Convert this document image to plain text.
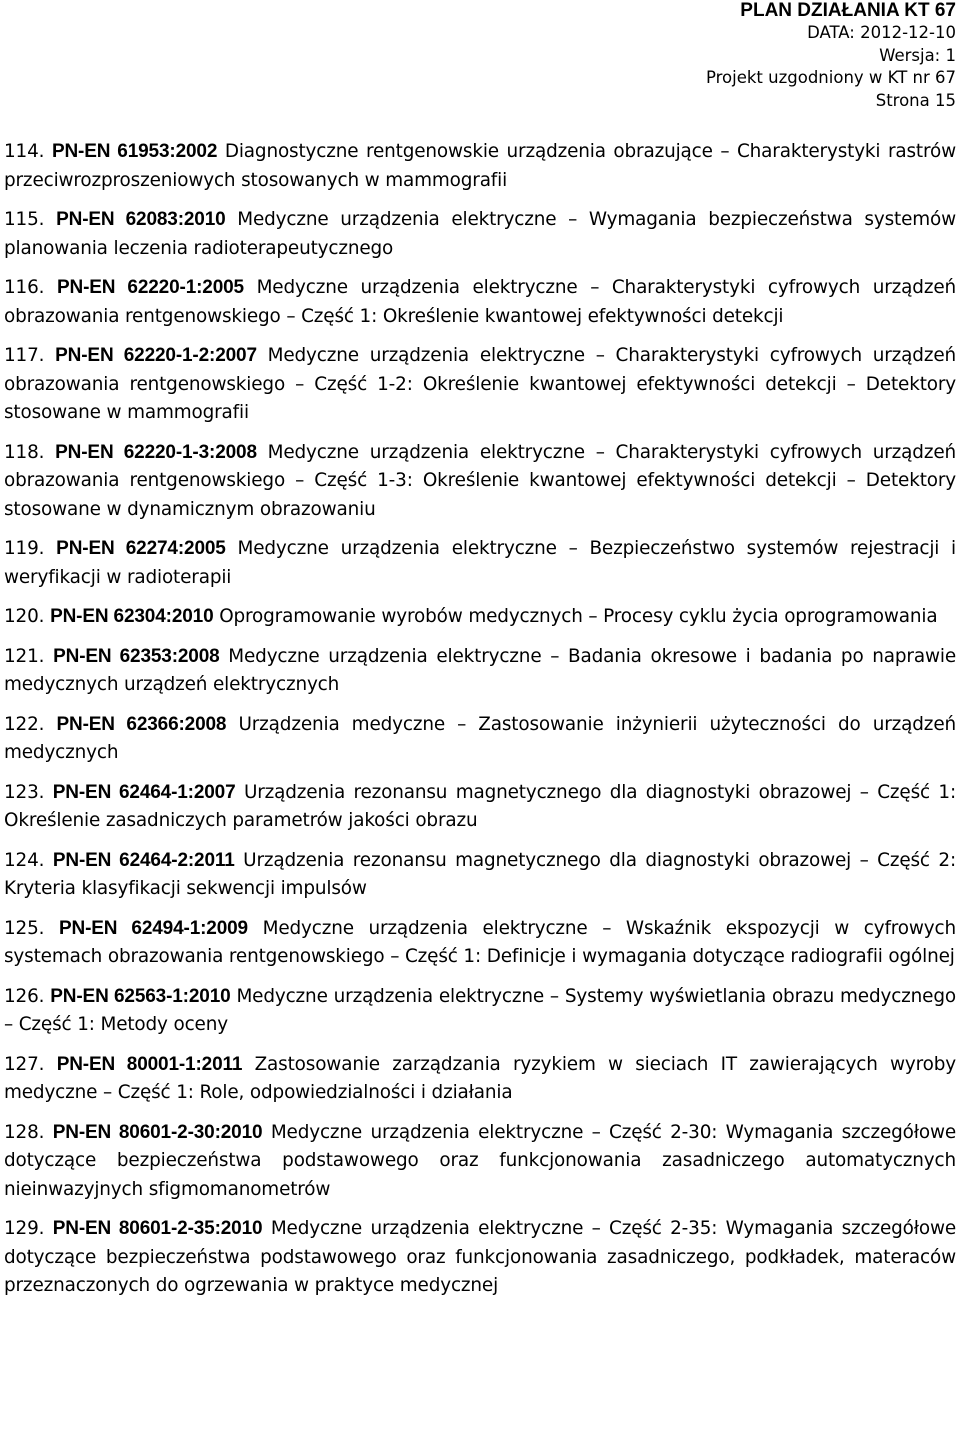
PLAN DZIAŁANIA KT 67
DATA: 2012-12-10
Wersja: 1
Projekt uzgodniony w KT nr 67
Strona 15

114. PN-EN 61953:2002 Diagnostyczne rentgenowskie urządzenia obrazujące – Charakterystyki rastrów przeciwrozproszeniowych stosowanych w mammografii

115. PN-EN 62083:2010 Medyczne urządzenia elektryczne – Wymagania bezpieczeństwa systemów planowania leczenia radioterapeutycznego

116. PN-EN 62220-1:2005 Medyczne urządzenia elektryczne – Charakterystyki cyfrowych urządzeń obrazowania rentgenowskiego – Część 1: Określenie kwantowej efektywności detekcji

117. PN-EN 62220-1-2:2007 Medyczne urządzenia elektryczne – Charakterystyki cyfrowych urządzeń obrazowania rentgenowskiego – Część 1-2: Określenie kwantowej efektywności detekcji – Detektory stosowane w mammografii

118. PN-EN 62220-1-3:2008 Medyczne urządzenia elektryczne – Charakterystyki cyfrowych urządzeń obrazowania rentgenowskiego – Część 1-3: Określenie kwantowej efektywności detekcji – Detektory stosowane w dynamicznym obrazowaniu

119. PN-EN 62274:2005 Medyczne urządzenia elektryczne – Bezpieczeństwo systemów rejestracji i weryfikacji w radioterapii

120. PN-EN 62304:2010 Oprogramowanie wyrobów medycznych – Procesy cyklu życia oprogramowania

121. PN-EN 62353:2008 Medyczne urządzenia elektryczne – Badania okresowe i badania po naprawie medycznych urządzeń elektrycznych

122. PN-EN 62366:2008 Urządzenia medyczne – Zastosowanie inżynierii użyteczności do urządzeń medycznych

123. PN-EN 62464-1:2007 Urządzenia rezonansu magnetycznego dla diagnostyki obrazowej – Część 1: Określenie zasadniczych parametrów jakości obrazu

124. PN-EN 62464-2:2011 Urządzenia rezonansu magnetycznego dla diagnostyki obrazowej – Część 2: Kryteria klasyfikacji sekwencji impulsów

125. PN-EN 62494-1:2009 Medyczne urządzenia elektryczne – Wskaźnik ekspozycji w cyfrowych systemach obrazowania rentgenowskiego – Część 1: Definicje i wymagania dotyczące radiografii ogólnej

126. PN-EN 62563-1:2010 Medyczne urządzenia elektryczne – Systemy wyświetlania obrazu medycznego – Część 1: Metody oceny

127. PN-EN 80001-1:2011 Zastosowanie zarządzania ryzykiem w sieciach IT zawierających wyroby medyczne – Część 1: Role, odpowiedzialności i działania

128. PN-EN 80601-2-30:2010 Medyczne urządzenia elektryczne – Część 2-30: Wymagania szczegółowe dotyczące bezpieczeństwa podstawowego oraz funkcjonowania zasadniczego automatycznych nieinwazyjnych sfigmomanometrów

129. PN-EN 80601-2-35:2010 Medyczne urządzenia elektryczne – Część 2-35: Wymagania szczegółowe dotyczące bezpieczeństwa podstawowego oraz funkcjonowania zasadniczego, podkładek, materaców przeznaczonych do ogrzewania w praktyce medycznej
